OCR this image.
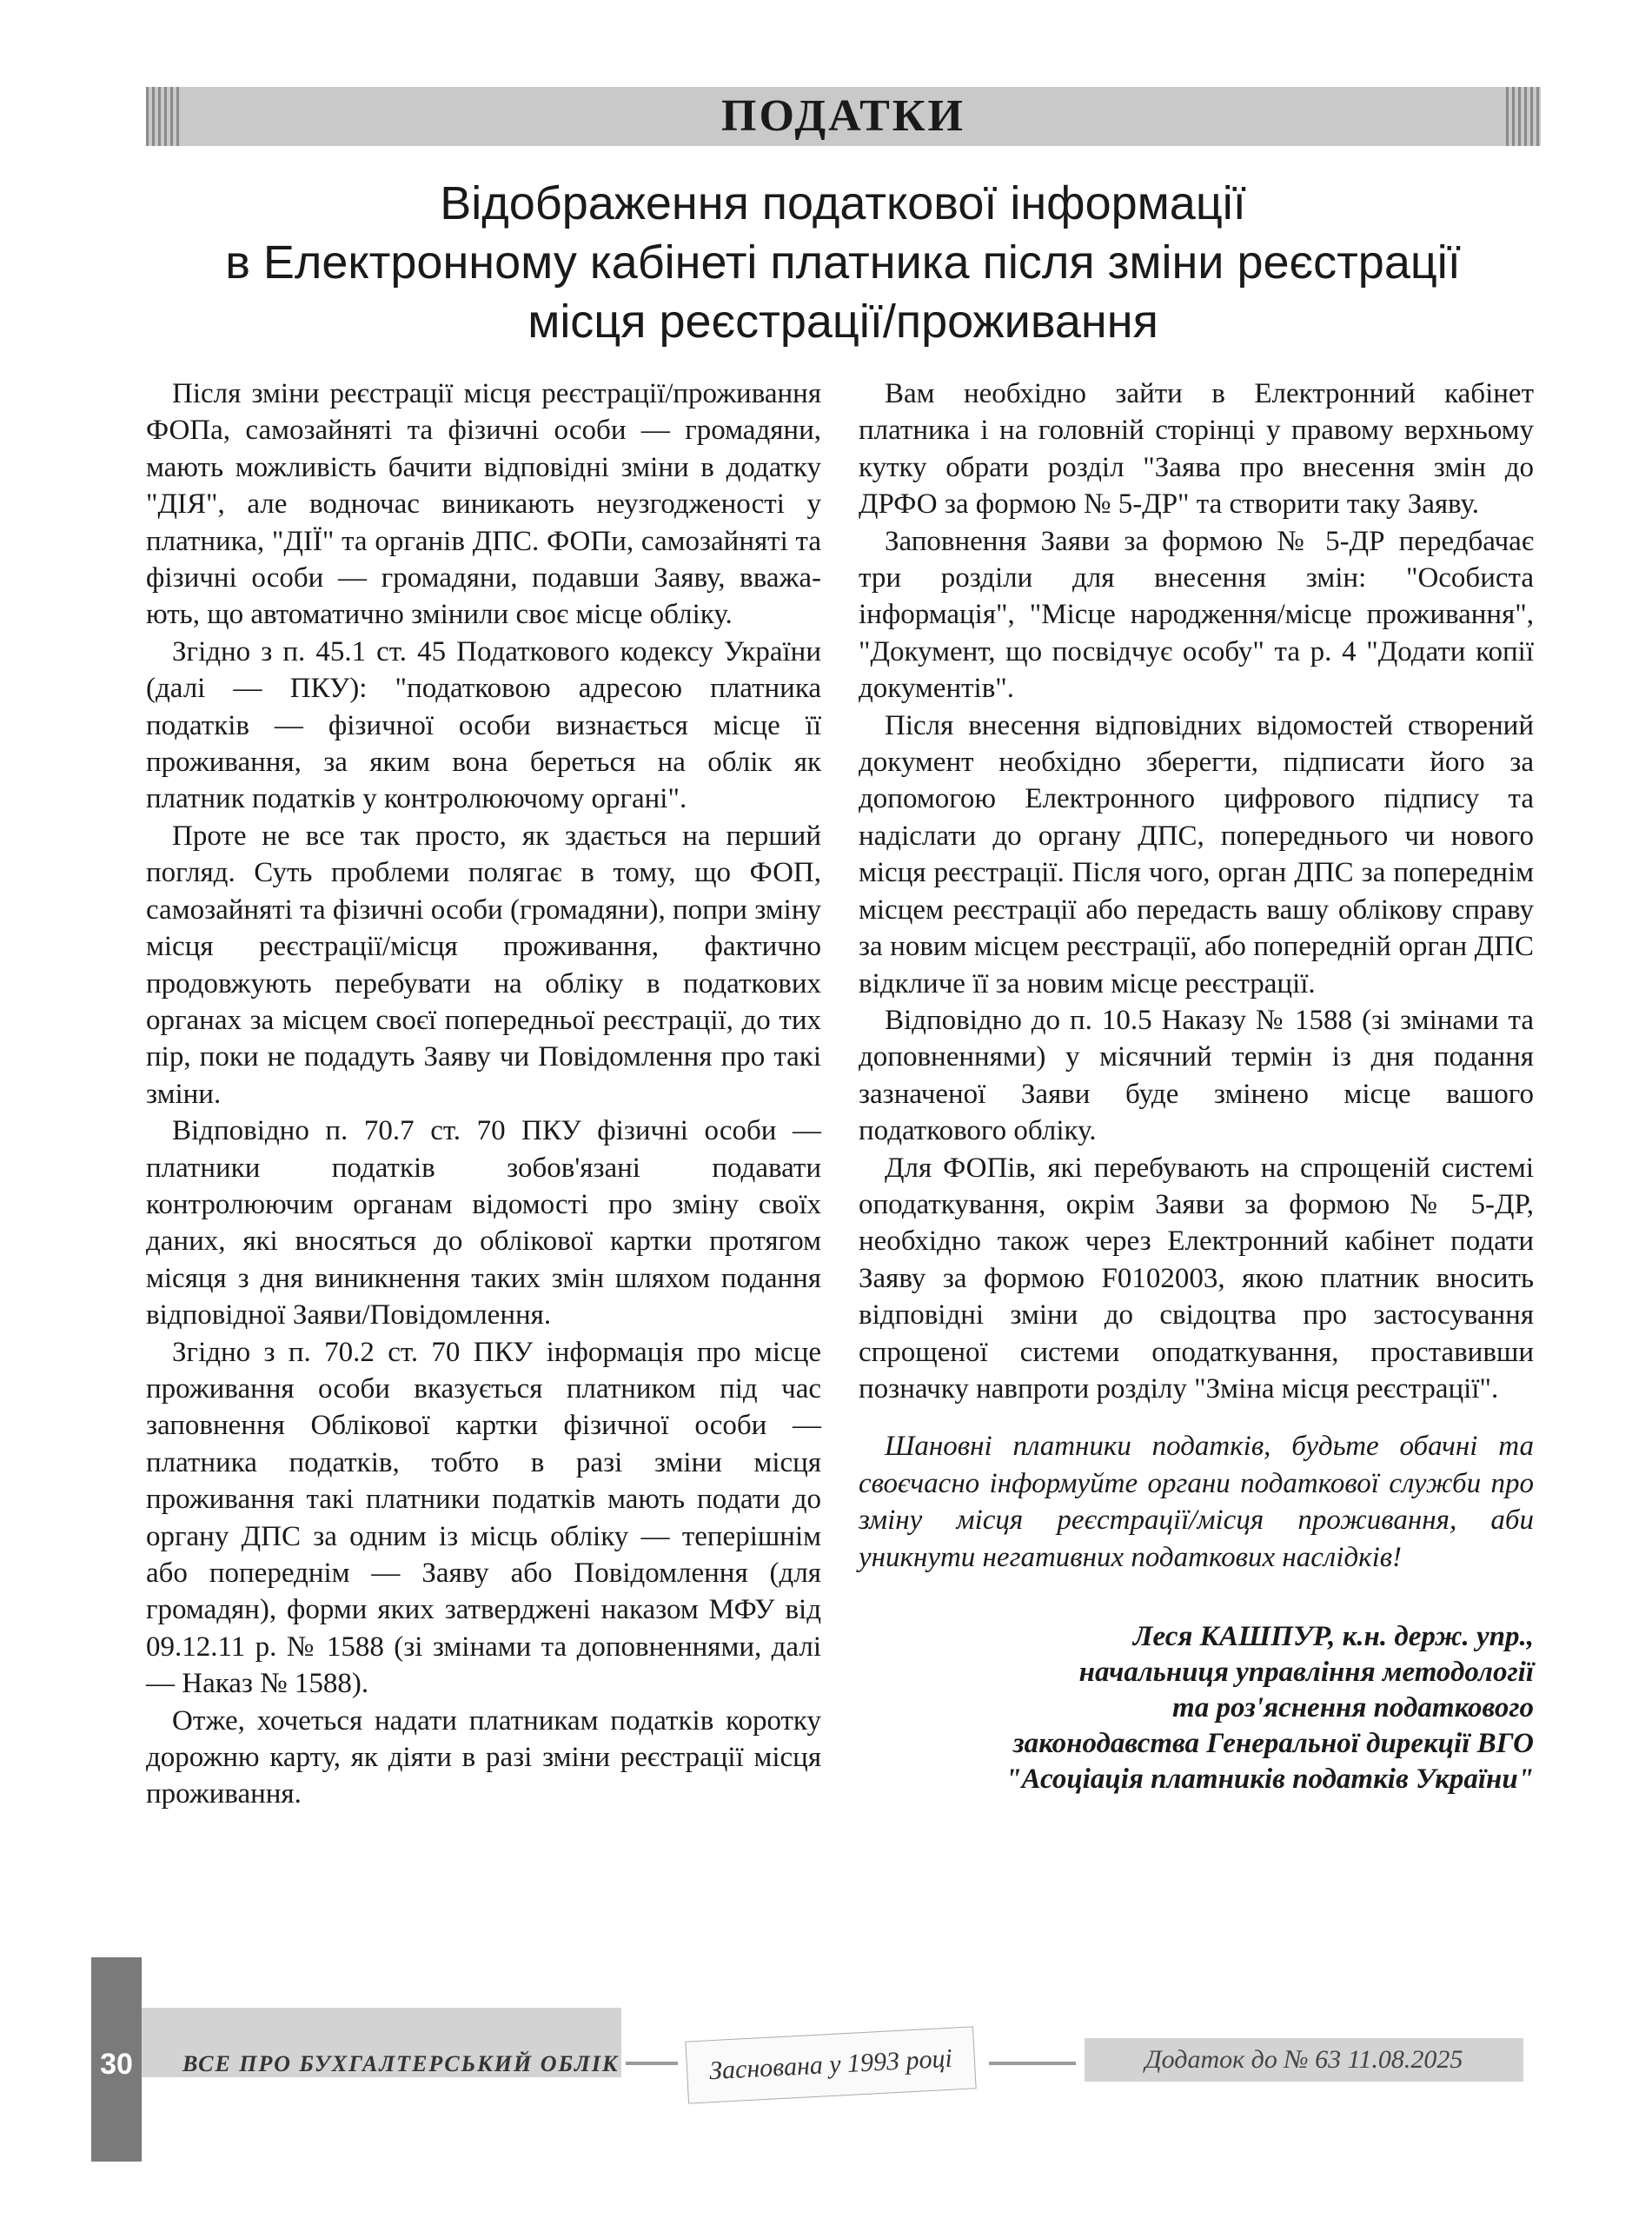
ПОДАТКИ
Відображення податкової інформації
в Електронному кабінеті платника після зміни реєстрації
місця реєстрації/проживання

Після зміни реєстрації місця реєстрації/проживання ФОПа, самозайняті та фізичні особи — громадяни, мають можливість бачити відповідні зміни в додатку "ДІЯ", але водночас виникають неузгодженості у платника, "ДІЇ" та органів ДПС. ФОПи, самозайняті та фізичні особи — громадяни, подавши Заяву, вважають, що автоматично змінили своє місце обліку.

Згідно з п. 45.1 ст. 45 Податкового кодексу України (далі — ПКУ): "податковою адресою платника податків — фізичної особи визнається місце її проживання, за яким вона береться на облік як платник податків у контролюючому органі".

Проте не все так просто, як здається на перший погляд. Суть проблеми полягає в тому, що ФОП, самозайняті та фізичні особи (громадяни), попри зміну місця реєстрації/місця проживання, фактично продовжують перебувати на обліку в податкових органах за місцем своєї попередньої реєстрації, до тих пір, поки не подадуть Заяву чи Повідомлення про такі зміни.

Відповідно п. 70.7 ст. 70 ПКУ фізичні особи — платники податків зобов'язані подавати контролюючим органам відомості про зміну своїх даних, які вносяться до облікової картки протягом місяця з дня виникнення таких змін шляхом подання відповідної Заяви/Повідомлення.

Згідно з п. 70.2 ст. 70 ПКУ інформація про місце проживання особи вказується платником під час заповнення Облікової картки фізичної особи — платника податків, тобто в разі зміни місця проживання такі платники податків мають подати до органу ДПС за одним із місць обліку — теперішнім або попереднім — Заяву або Повідомлення (для громадян), форми яких затверджені наказом МФУ від 09.12.11 р. № 1588 (зі змінами та доповненнями, далі — Наказ № 1588).

Отже, хочеться надати платникам податків коротку дорожню карту, як діяти в разі зміни реєстрації місця проживання.

Вам необхідно зайти в Електронний кабінет платника і на головній сторінці у правому верхньому кутку обрати розділ "Заява про внесення змін до ДРФО за формою № 5-ДР" та створити таку Заяву.

Заповнення Заяви за формою № 5-ДР передбачає три розділи для внесення змін: "Особиста інформація", "Місце народження/місце проживання", "Документ, що посвідчує особу" та р. 4 "Додати копії документів".

Після внесення відповідних відомостей створений документ необхідно зберегти, підписати його за допомогою Електронного цифрового підпису та надіслати до органу ДПС, попереднього чи нового місця реєстрації. Після чого, орган ДПС за попереднім місцем реєстрації або передасть вашу облікову справу за новим місцем реєстрації, або попередній орган ДПС відкличе її за новим місце реєстрації.

Відповідно до п. 10.5 Наказу № 1588 (зі змінами та доповненнями) у місячний термін із дня подання зазначеної Заяви буде змінено місце вашого податкового обліку.

Для ФОПів, які перебувають на спрощеній системі оподаткування, окрім Заяви за формою № 5-ДР, необхідно також через Електронний кабінет подати Заяву за формою F0102003, якою платник вносить відповідні зміни до свідоцтва про застосування спрощеної системи оподаткування, проставивши позначку навпроти розділу "Зміна місця реєстрації".

Шановні платники податків, будьте обачні та своєчасно інформуйте органи податкової служби про зміну місця реєстрації/місця проживання, аби уникнути негативних податкових наслідків!

Леся КАШПУР, к.н. держ. упр.,
начальниця управління методології
та роз'яснення податкового
законодавства Генеральної дирекції ВГО
"Асоціація платників податків України"
30	ВСЕ ПРО БУХГАЛТЕРСЬКИЙ ОБЛІК	Заснована у 1993 році	Додаток до № 63 11.08.2025
